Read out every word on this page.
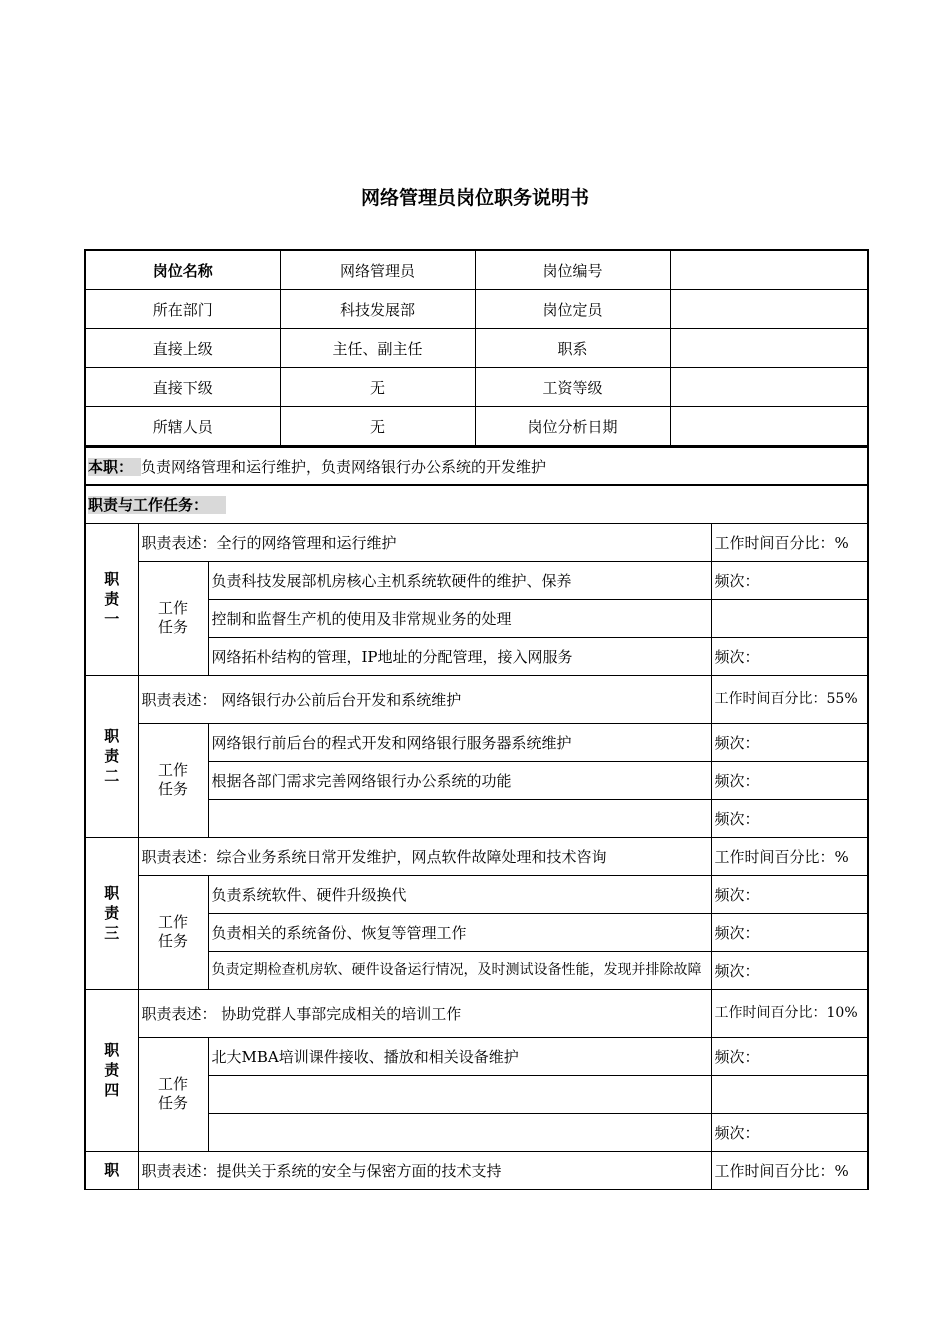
网络管理员岗位职务说明书
岗位名称	网络管理员	岗位编号	
所在部门	科技发展部	岗位定员	
直接上级	主任、副主任	职系	
直接下级	无	工资等级	
所辖人员	无	岗位分析日期	
本职： 负责网络管理和运行维护，负责网络银行办公系统的开发维护			
职责与工作任务：			
职
责
一	职责表述：全行的网络管理和运行维护		工作时间百分比：%
	工作
任务	负责科技发展部机房核心主机系统软硬件的维护、保养	频次：
		控制和监督生产机的使用及非常规业务的处理	
		网络拓朴结构的管理，IP地址的分配管理，接入网服务	频次：
职
责
二	职责表述： 网络银行办公前后台开发和系统维护		工作时间百分比：55%
	工作
任务	网络银行前后台的程式开发和网络银行服务器系统维护	频次：
		根据各部门需求完善网络银行办公系统的功能	频次：
			频次：
职
责
三	职责表述：综合业务系统日常开发维护，网点软件故障处理和技术咨询		工作时间百分比：%
	工作
任务	负责系统软件、硬件升级换代	频次：
		负责相关的系统备份、恢复等管理工作	频次：
		负责定期检查机房软、硬件设备运行情况，及时测试设备性能，发现并排除故障	频次：
职
责
四	职责表述： 协助党群人事部完成相关的培训工作		工作时间百分比：10%
	工作
任务	北大MBA培训课件接收、播放和相关设备维护	频次：

			频次：
职	职责表述：提供关于系统的安全与保密方面的技术支持		工作时间百分比：%
